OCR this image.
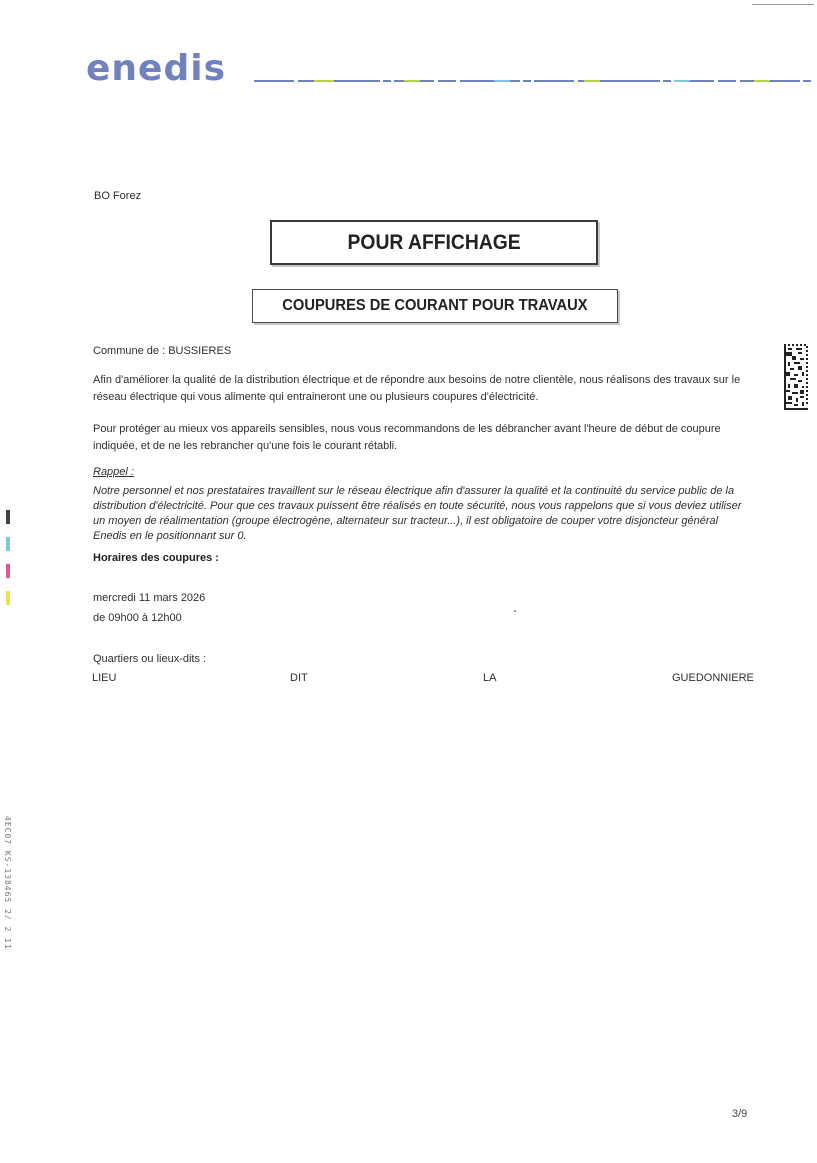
enedis
BO Forez
POUR AFFICHAGE
COUPURES DE COURANT POUR TRAVAUX
Commune de : BUSSIERES
Afin d'améliorer la qualité de la distribution électrique et de répondre aux besoins de notre clientèle, nous réalisons des travaux sur le réseau électrique qui vous alimente qui entraineront une ou plusieurs coupures d'électricité.
Pour protéger au mieux vos appareils sensibles, nous vous recommandons de les débrancher avant l'heure de début de coupure indiquée, et de ne les rebrancher qu'une fois le courant rétabli.
Rappel :
Notre personnel et nos prestataires travaillent sur le réseau électrique afin d'assurer la qualité et la continuité du service public de la distribution d'électricité. Pour que ces travaux puissent être réalisés en toute sécurité, nous vous rappelons que si vous deviez utiliser un moyen de réalimentation (groupe électrogène, alternateur sur tracteur...), il est obligatoire de couper votre disjoncteur général Enedis en le positionnant sur 0.
Horaires des coupures :
mercredi 11 mars 2026
de 09h00 à 12h00
Quartiers ou lieux-dits :
LIEU	DIT	LA	GUEDONNIERE
3/9
4EC07 KS-138465 2/ 2 11
